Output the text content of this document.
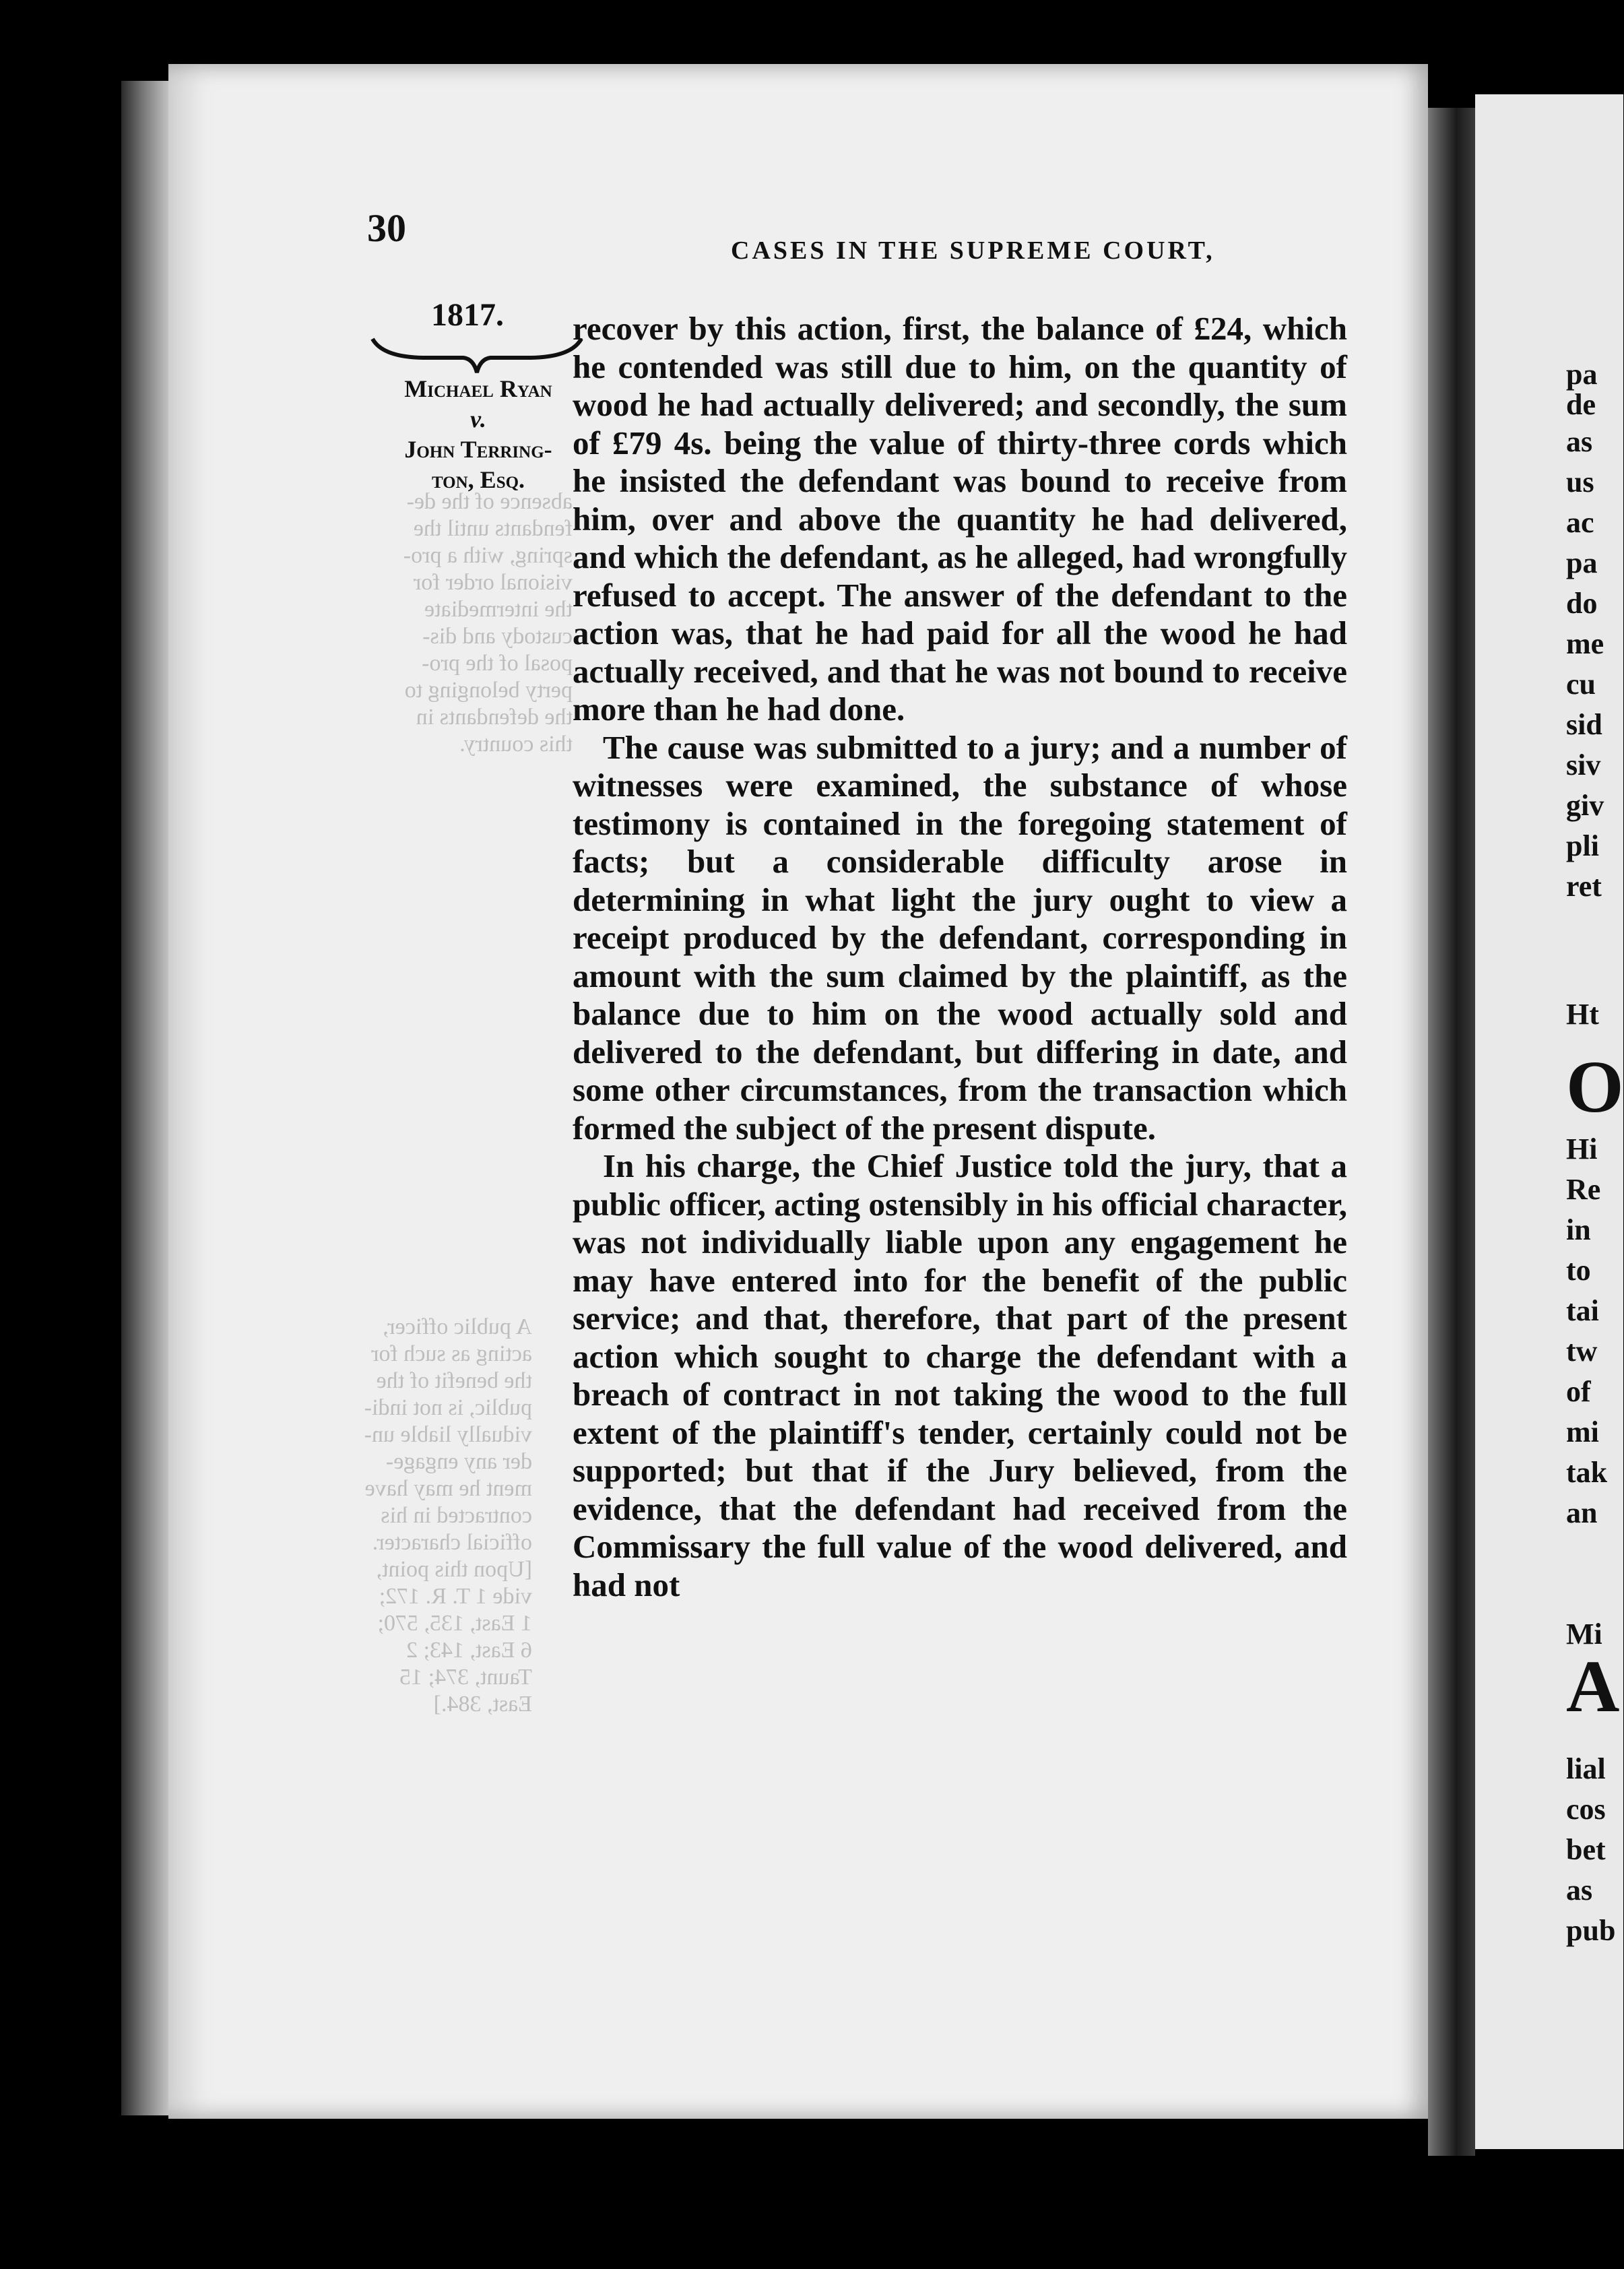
30
CASES IN THE SUPREME COURT,
1817.
Michael Ryan
v.
John Terring-
ton, Esq.
absence of the de-
fendants until the
spring, with a pro-
visional order for
the intermediate
custody and dis-
posal of the pro-
perty belonging to
the defendants in
this country.
A public officer,
acting as such for
the benefit of the
public, is not indi-
vidually liable un-
der any engage-
ment he may have
contracted in his
official character.
[Upon this point,
vide 1 T. R. 172;
1 East, 135, 570;
6 East, 143; 2
Taunt, 374; 15
East, 384.]

recover by this action, first, the balance of £24, which he contended was still due to him, on the quantity of wood he had actually delivered; and secondly, the sum of £79 4s. being the value of thirty-three cords which he insisted the defendant was bound to receive from him, over and above the quantity he had delivered, and which the defendant, as he alleged, had wrongfully refused to accept. The answer of the defendant to the action was, that he had paid for all the wood he had actually received, and that he was not bound to receive more than he had done.

The cause was submitted to a jury; and a number of witnesses were examined, the substance of whose testimony is contained in the foregoing statement of facts; but a considerable difficulty arose in determining in what light the jury ought to view a receipt produced by the defendant, corresponding in amount with the sum claimed by the plaintiff, as the balance due to him on the wood actually sold and delivered to the defendant, but differing in date, and some other circumstances, from the transaction which formed the subject of the present dispute.

In his charge, the Chief Justice told the jury, that a public officer, acting ostensibly in his official character, was not individually liable upon any engagement he may have entered into for the benefit of the public service; and that, therefore, that part of the present action which sought to charge the defendant with a breach of contract in not taking the wood to the full extent of the plaintiff's tender, certainly could not be supported; but that if the Jury believed, from the evidence, that the defendant had received from the Commissary the full value of the wood delivered, and had not

pa
de
as
us
ac
pa
do
me
cu
sid
siv
giv
pli
ret
Ht
O
Hi
Re
in
to
tai
tw
of
mi
tak
an
Mi
A
lial
cos
bet
as
pub
